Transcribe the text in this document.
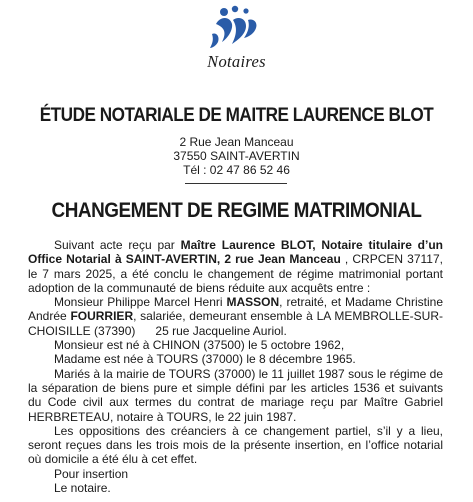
Notaires
ÉTUDE NOTARIALE DE MAITRE LAURENCE BLOT
2 Rue Jean Manceau
37550 SAINT-AVERTIN
Tél : 02 47 86 52 46
CHANGEMENT DE REGIME MATRIMONIAL

Suivant acte reçu par Maître Laurence BLOT, Notaire titulaire d’un Office Notarial à SAINT-AVERTIN, 2 rue Jean Manceau , CRPCEN 37117, le 7 mars 2025, a été conclu le changement de régime matrimonial portant adoption de la communauté de biens réduite aux acquêts entre :

Monsieur Philippe Marcel Henri MASSON, retraité, et Madame Christine Andrée FOURRIER, salariée, demeurant ensemble à LA MEMBROLLE-SUR-CHOISILLE (37390)      25 rue Jacqueline Auriol.

Monsieur est né à CHINON (37500) le 5 octobre 1962,

Madame est née à TOURS (37000) le 8 décembre 1965.

Mariés à la mairie de TOURS (37000) le 11 juillet 1987 sous le régime de la séparation de biens pure et simple défini par les articles 1536 et suivants du Code civil aux termes du contrat de mariage reçu par Maître Gabriel HERBRETEAU, notaire à TOURS, le 22 juin 1987.

Les oppositions des créanciers à ce changement partiel, s’il y a lieu, seront reçues dans les trois mois de la présente insertion, en l’office notarial où domicile a été élu à cet effet.

Pour insertion

Le notaire.
